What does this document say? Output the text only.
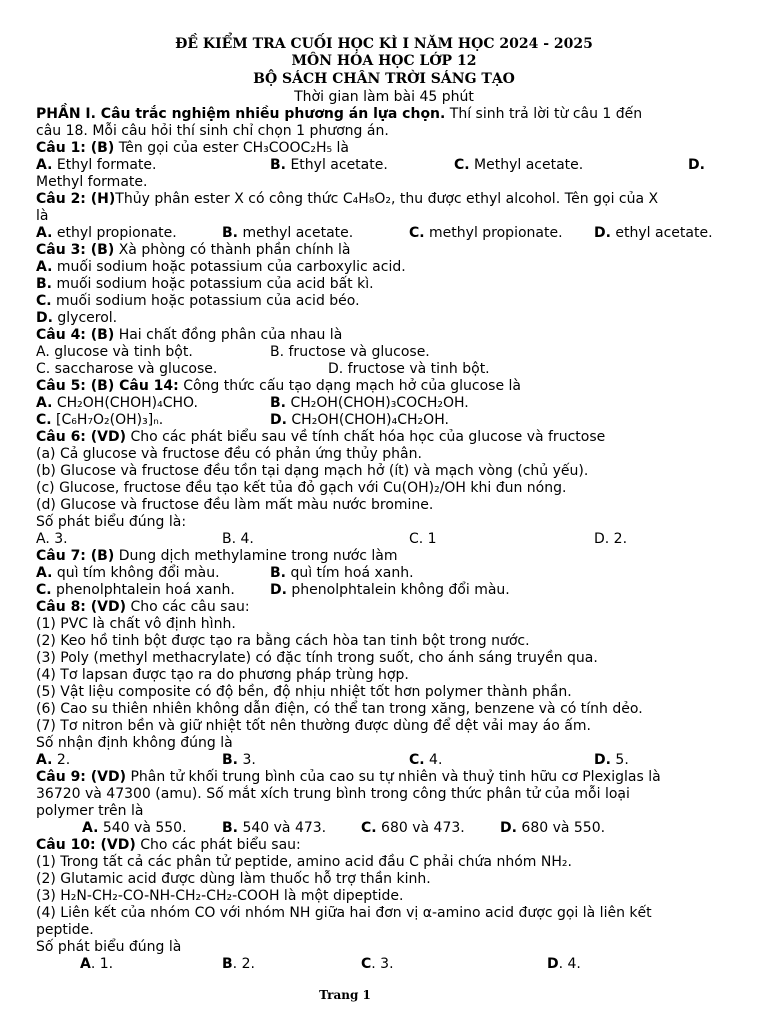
ĐỀ KIỂM TRA CUỐI HỌC KÌ I NĂM HỌC 2024 - 2025
MÔN HÓA HỌC LỚP 12
BỘ SÁCH CHÂN TRỜI SÁNG TẠO
Thời gian làm bài 45 phút
PHẦN I. Câu trắc nghiệm nhiều phương án lựa chọn. Thí sinh trả lời từ câu 1 đến
câu 18. Mỗi câu hỏi thí sinh chỉ chọn 1 phương án.
Câu 1: (B) Tên gọi của ester CH₃COOC₂H₅ là
A. Ethyl formate.	B. Ethyl acetate.	C. Methyl acetate.	D.
Methyl formate.
Câu 2: (H)Thủy phân ester X có công thức C₄H₈O₂, thu được ethyl alcohol. Tên gọi của X
là
A. ethyl propionate.	B. methyl acetate.	C. methyl propionate. D. ethyl acetate.
Câu 3: (B) Xà phòng có thành phần chính là
A. muối sodium hoặc potassium của carboxylic acid.
B. muối sodium hoặc potassium của acid bất kì.
C. muối sodium hoặc potassium của acid béo.
D. glycerol.
Câu 4: (B) Hai chất đồng phân của nhau là
A. glucose và tinh bột.	B. fructose và glucose.
C. saccharose và glucose.	D. fructose và tinh bột.
Câu 5: (B) Câu 14: Công thức cấu tạo dạng mạch hở của glucose là
A. CH₂OH(CHOH)₄CHO.	B. CH₂OH(CHOH)₃COCH₂OH.
C. [C₆H₇O₂(OH)₃]ₙ.	D. CH₂OH(CHOH)₄CH₂OH.
Câu 6: (VD) Cho các phát biểu sau về tính chất hóa học của glucose và fructose
(a) Cả glucose và fructose đều có phản ứng thủy phân.
(b) Glucose và fructose đều tồn tại dạng mạch hở (ít) và mạch vòng (chủ yếu).
(c) Glucose, fructose đều tạo kết tủa đỏ gạch với Cu(OH)₂/OH khi đun nóng.
(d) Glucose và fructose đều làm mất màu nước bromine.
Số phát biểu đúng là:
A. 3.	B. 4.	C. 1	D. 2.
Câu 7: (B) Dung dịch methylamine trong nước làm
A. quì tím không đổi màu.	B. quì tím hoá xanh.
C. phenolphtalein hoá xanh.	D. phenolphtalein không đổi màu.
Câu 8: (VD) Cho các câu sau:
(1) PVC là chất vô định hình.
(2) Keo hồ tinh bột được tạo ra bằng cách hòa tan tinh bột trong nước.
(3) Poly (methyl methacrylate) có đặc tính trong suốt, cho ánh sáng truyền qua.
(4) Tơ lapsan được tạo ra do phương pháp trùng hợp.
(5) Vật liệu composite có độ bền, độ nhịu nhiệt tốt hơn polymer thành phần.
(6) Cao su thiên nhiên không dẫn điện, có thể tan trong xăng, benzene và có tính dẻo.
(7) Tơ nitron bền và giữ nhiệt tốt nên thường được dùng để dệt vải may áo ấm.
Số nhận định không đúng là
A. 2.	B. 3.	C. 4.	D. 5.
Câu 9: (VD) Phân tử khối trung bình của cao su tự nhiên và thuỷ tinh hữu cơ Plexiglas là
36720 và 47300 (amu). Số mắt xích trung bình trong công thức phân tử của mỗi loại
polymer trên là
A. 540 và 550.	B. 540 và 473. C. 680 và 473.	D. 680 và 550.
Câu 10: (VD) Cho các phát biểu sau:
(1) Trong tất cả các phân tử peptide, amino acid đầu C phải chứa nhóm NH₂.
(2) Glutamic acid được dùng làm thuốc hỗ trợ thần kinh.
(3) H₂N-CH₂-CO-NH-CH₂-CH₂-COOH là một dipeptide.
(4) Liên kết của nhóm CO với nhóm NH giữa hai đơn vị α-amino acid được gọi là liên kết
peptide.
Số phát biểu đúng là
A. 1.	B. 2.	C. 3.	D. 4.
Trang 1
